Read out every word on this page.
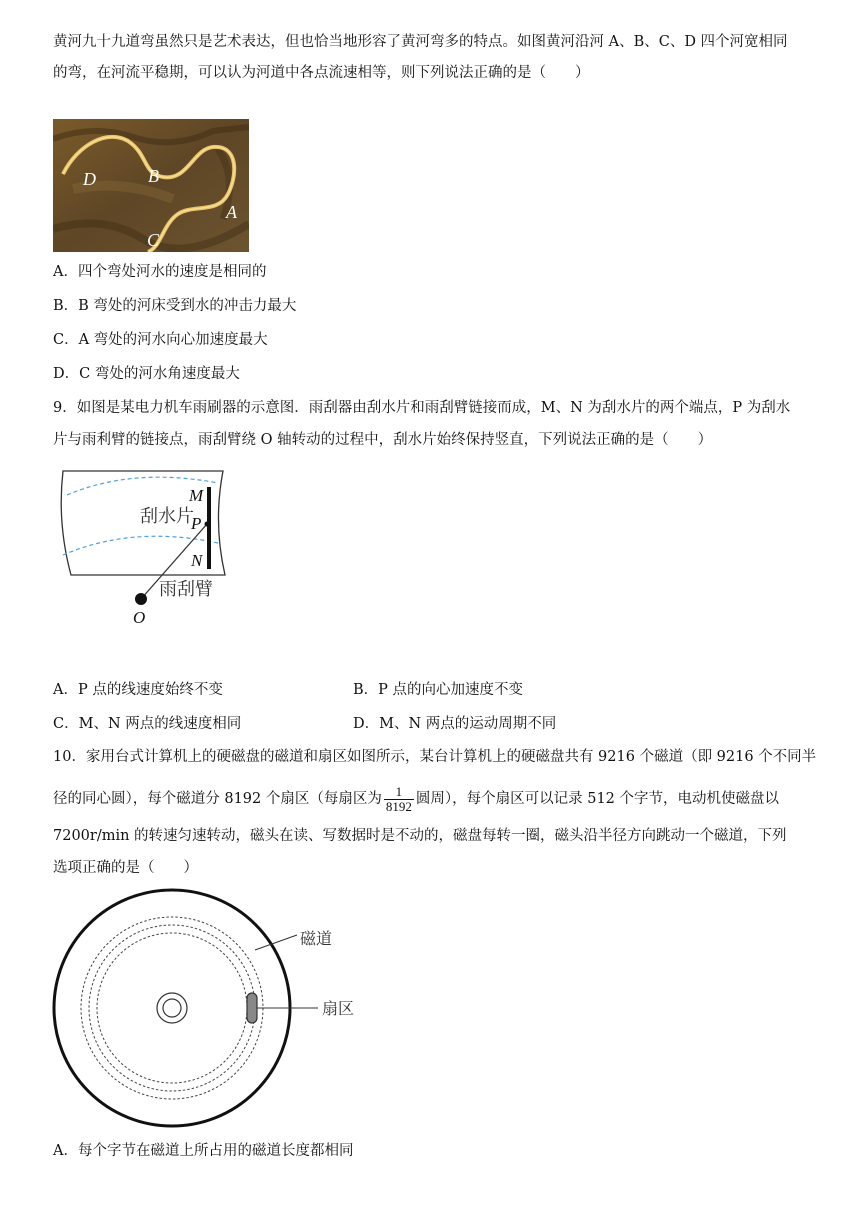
黄河九十九道弯虽然只是艺术表达，但也恰当地形容了黄河弯多的特点。如图黄河沿河 A、B、C、D 四个河宽相同
的弯，在河流平稳期，可以认为河道中各点流速相等，则下列说法正确的是（　　）
D	B
A
C
A．四个弯处河水的速度是相同的
B．B 弯处的河床受到水的冲击力最大
C．A 弯处的河水向心加速度最大
D．C 弯处的河水角速度最大
9．如图是某电力机车雨刷器的示意图．雨刮器由刮水片和雨刮臂链接而成，M、N 为刮水片的两个端点，P 为刮水
片与雨利臂的链接点，雨刮臂绕 O 轴转动的过程中，刮水片始终保持竖直，下列说法正确的是（　　）
M
P
N
O
刮水片
雨刮臂
A．P 点的线速度始终不变	B．P 点的向心加速度不变
C．M、N 两点的线速度相同	D．M、N 两点的运动周期不同
10．家用台式计算机上的硬磁盘的磁道和扇区如图所示，某台计算机上的硬磁盘共有 9216 个磁道（即 9216 个不同半
径的同心圆），每个磁道分 8192 个扇区（每扇区为 $\frac{1}{8192}$ 圆周），每个扇区可以记录 512 个字节，电动机使磁盘以
7200r/min 的转速匀速转动，磁头在读、写数据时是不动的，磁盘每转一圈，磁头沿半径方向跳动一个磁道，下列
选项正确的是（　　）
磁道
扇区
A．每个字节在磁道上所占用的磁道长度都相同
